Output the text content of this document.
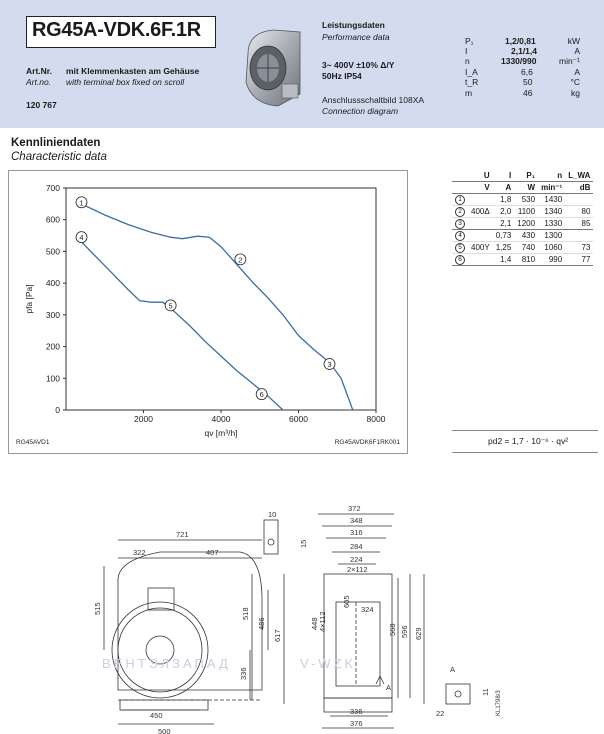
RG45A-VDK.6F.1R
Art.Nr. mit Klemmenkasten am Gehäuse
Art.no. with terminal box fixed on scroll
120 767
Leistungsdaten
Performance data
3~ 400V ±10% Δ/Y
50Hz IP54
Anschlussschaltbild 108XA
Connection diagram
P₁	1,2/0,81	kW
I	2,1/1,4	A
n	1330/990	min⁻¹
I_A	6,6	A
t_R	50	°C
m	46	kg
Kennliniendaten
Characteristic data
0
100
200
300
400
500
600
700
2000	4000	6000	8000
pfa [Pa]
qv [m³/h]
RG45AVD1	RG45AVDK6F1RK001
1
2
3
4
5
6
	U	I	P₁	n	L_WA
	V	A	W	min⁻¹	dB
1		1,8	530	1430	
2	400Δ	2,0	1100	1340	80
3		2,1	1200	1330	85
4		0,73	430	1300	
5	400Y	1,25	740	1060	73
6		1,4	810	990	77
pd2 = 1,7 · 10⁻⁶ · qv²
721
322	407
515
486
518
617
336
450
500
372
348
316
284
224
2×112
605
324
448 4×112	568 596 629
336
376
10
15
A
A
22
11 KL1798/3
ВЕНТЭЛЗАПАД	V-WZK
